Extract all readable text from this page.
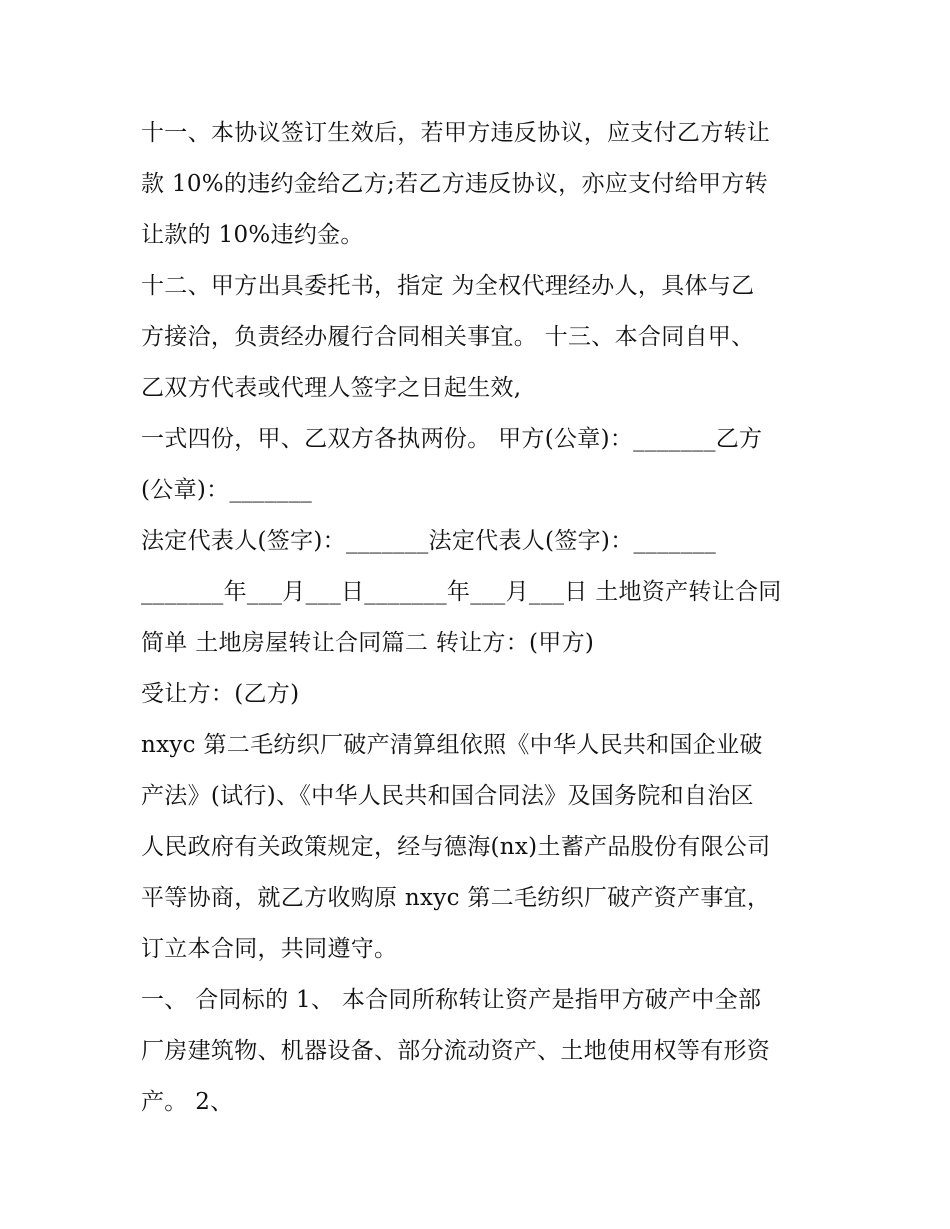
十一、本协议签订生效后，若甲方违反协议，应支付乙方转让
款 10%的违约金给乙方;若乙方违反协议，亦应支付给甲方转
让款的 10%违约金。
十二、甲方出具委托书，指定 为全权代理经办人，具体与乙
方接洽，负责经办履行合同相关事宜。 十三、本合同自甲、
乙双方代表或代理人签字之日起生效,
一式四份，甲、乙双方各执两份。 甲方(公章)：_______乙方
(公章)：_______
法定代表人(签字)：_______法定代表人(签字)：_______
_______年___月___日_______年___月___日 土地资产转让合同
简单 土地房屋转让合同篇二 转让方：(甲方)
受让方：(乙方)
nxyc 第二毛纺织厂破产清算组依照《中华人民共和国企业破
产法》(试行)、《中华人民共和国合同法》及国务院和自治区
人民政府有关政策规定，经与德海(nx)土蓄产品股份有限公司
平等协商，就乙方收购原 nxyc 第二毛纺织厂破产资产事宜，
订立本合同，共同遵守。
一、 合同标的 1、 本合同所称转让资产是指甲方破产中全部
厂房建筑物、机器设备、部分流动资产、土地使用权等有形资
产。 2、
